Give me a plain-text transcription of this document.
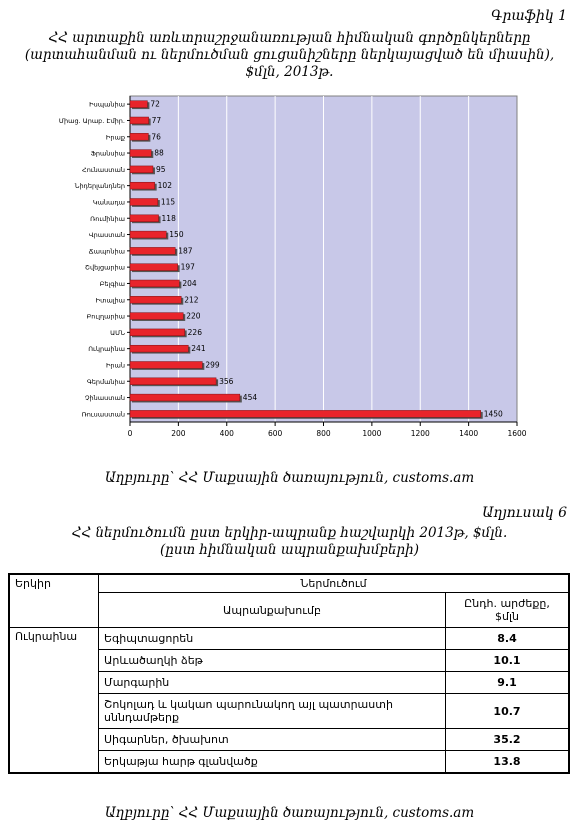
Գրաֆիկ 1
ՀՀ արտաքին առևտրաշրջանառության հիմնական գործընկերները
(արտահանման ու ներմուծման ցուցանիշները ներկայացված են միասին),
$մլն, 2013թ.
0	200	400	600	800	1000	1200	1400	1600
1450
Ռուսաստան
454
Չինաստան
356
Գերմանիա
299
Իրան
241
Ուկրաինա
226
ԱՄՆ
220
Բուլղարիա
212
Իտալիա
204
Բելգիա
197
Շվեյցարիա
187
Ճապոնիա
150
Վրաստան
118
Ռումինիա
115
Կանադա
102
Նիդերլանդներ
95
Հունաստան
88
Ֆրանսիա
76
Իրաք
77
Միաց. Արաբ. Էմիր.
72
Իսպանիա
Աղբյուրը՝ ՀՀ Մաքսային ծառայություն, customs.am
Աղյուսակ 6
ՀՀ ներմուծումն ըստ երկիր-ապրանք հաշվարկի 2013թ, $մլն.
(ըստ հիմնական ապրանքախմբերի)
Երկիր	Ներմուծում	
	Ապրանքախումբ	Ընդհ. արժեքը, $մլն
Ուկրաինա	Եգիպտացորեն	8.4
	Արևածաղկի ձեթ	10.1
	Մարգարին	9.1
	Շոկոլադ և կակաո պարունակող այլ պատրաստի սննդամթերք	10.7
	Սիգարներ, ծխախոտ	35.2
	Երկաթյա հարթ գլանվածք	13.8
Աղբյուրը՝ ՀՀ Մաքսային ծառայություն, customs.am
